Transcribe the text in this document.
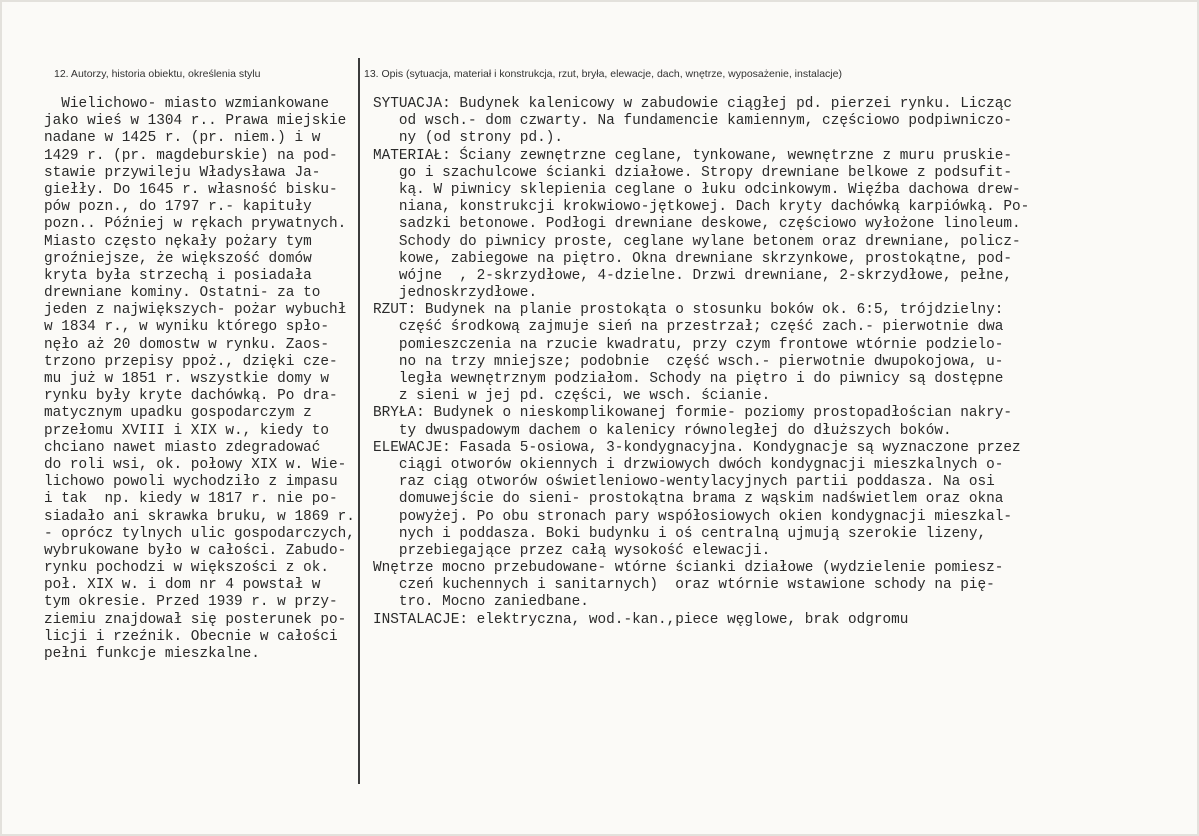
12. Autorzy, historia obiektu, określenia stylu	13. Opis (sytuacja, materiał i konstrukcja, rzut, bryła, elewacje, dach, wnętrze, wyposażenie, instalacje)
Wielichowo- miasto wzmiankowane
jako wieś w 1304 r.. Prawa miejskie
nadane w 1425 r. (pr. niem.) i w
1429 r. (pr. magdeburskie) na pod-
stawie przywileju Władysława Ja-
giełły. Do 1645 r. własność bisku-
pów pozn., do 1797 r.- kapituły
pozn.. Później w rękach prywatnych.
Miasto często nękały pożary tym
groźniejsze, że większość domów
kryta była strzechą i posiadała
drewniane kominy. Ostatni- za to
jeden z największych- pożar wybuchł
w 1834 r., w wyniku którego spło-
nęło aż 20 domostw w rynku. Zaos-
trzono przepisy ppoż., dzięki cze-
mu już w 1851 r. wszystkie domy w
rynku były kryte dachówką. Po dra-
matycznym upadku gospodarczym z
przełomu XVIII i XIX w., kiedy to
chciano nawet miasto zdegradować
do roli wsi, ok. połowy XIX w. Wie-
lichowo powoli wychodziło z impasu
i tak  np. kiedy w 1817 r. nie po-
siadało ani skrawka bruku, w 1869 r.
- oprócz tylnych ulic gospodarczych,
wybrukowane było w całości. Zabudo-
rynku pochodzi w większości z ok.
poł. XIX w. i dom nr 4 powstał w
tym okresie. Przed 1939 r. w przy-
ziemiu znajdował się posterunek po-
licji i rzeźnik. Obecnie w całości
pełni funkcje mieszkalne.
SYTUACJA: Budynek kalenicowy w zabudowie ciągłej pd. pierzei rynku. Licząc
od wsch.- dom czwarty. Na fundamencie kamiennym, częściowo podpiwniczo-
ny (od strony pd.).
MATERIAŁ: Ściany zewnętrzne ceglane, tynkowane, wewnętrzne z muru pruskie-
go i szachulcowe ścianki działowe. Stropy drewniane belkowe z podsufit-
ką. W piwnicy sklepienia ceglane o łuku odcinkowym. Więźba dachowa drew-
niana, konstrukcji krokwiowo-jętkowej. Dach kryty dachówką karpiówką. Po-
sadzki betonowe. Podłogi drewniane deskowe, częściowo wyłożone linoleum.
Schody do piwnicy proste, ceglane wylane betonem oraz drewniane, policz-
kowe, zabiegowe na piętro. Okna drewniane skrzynkowe, prostokątne, pod-
wójne  , 2-skrzydłowe, 4-dzielne. Drzwi drewniane, 2-skrzydłowe, pełne,
jednoskrzydłowe.
RZUT: Budynek na planie prostokąta o stosunku boków ok. 6:5, trójdzielny:
część środkową zajmuje sień na przestrzał; część zach.- pierwotnie dwa
pomieszczenia na rzucie kwadratu, przy czym frontowe wtórnie podzielo-
no na trzy mniejsze; podobnie  część wsch.- pierwotnie dwupokojowa, u-
legła wewnętrznym podziałom. Schody na piętro i do piwnicy są dostępne
z sieni w jej pd. części, we wsch. ścianie.
BRYŁA: Budynek o nieskomplikowanej formie- poziomy prostopadłościan nakry-
ty dwuspadowym dachem o kalenicy równoległej do dłuższych boków.
ELEWACJE: Fasada 5-osiowa, 3-kondygnacyjna. Kondygnacje są wyznaczone przez
ciągi otworów okiennych i drzwiowych dwóch kondygnacji mieszkalnych o-
raz ciąg otworów oświetleniowo-wentylacyjnych partii poddasza. Na osi
domuwejście do sieni- prostokątna brama z wąskim nadświetlem oraz okna
powyżej. Po obu stronach pary współosiowych okien kondygnacji mieszkal-
nych i poddasza. Boki budynku i oś centralną ujmują szerokie lizeny,
przebiegające przez całą wysokość elewacji.
Wnętrze mocno przebudowane- wtórne ścianki działowe (wydzielenie pomiesz-
czeń kuchennych i sanitarnych)  oraz wtórnie wstawione schody na pię-
tro. Mocno zaniedbane.
INSTALACJE: elektryczna, wod.-kan.,piece węglowe, brak odgromu
